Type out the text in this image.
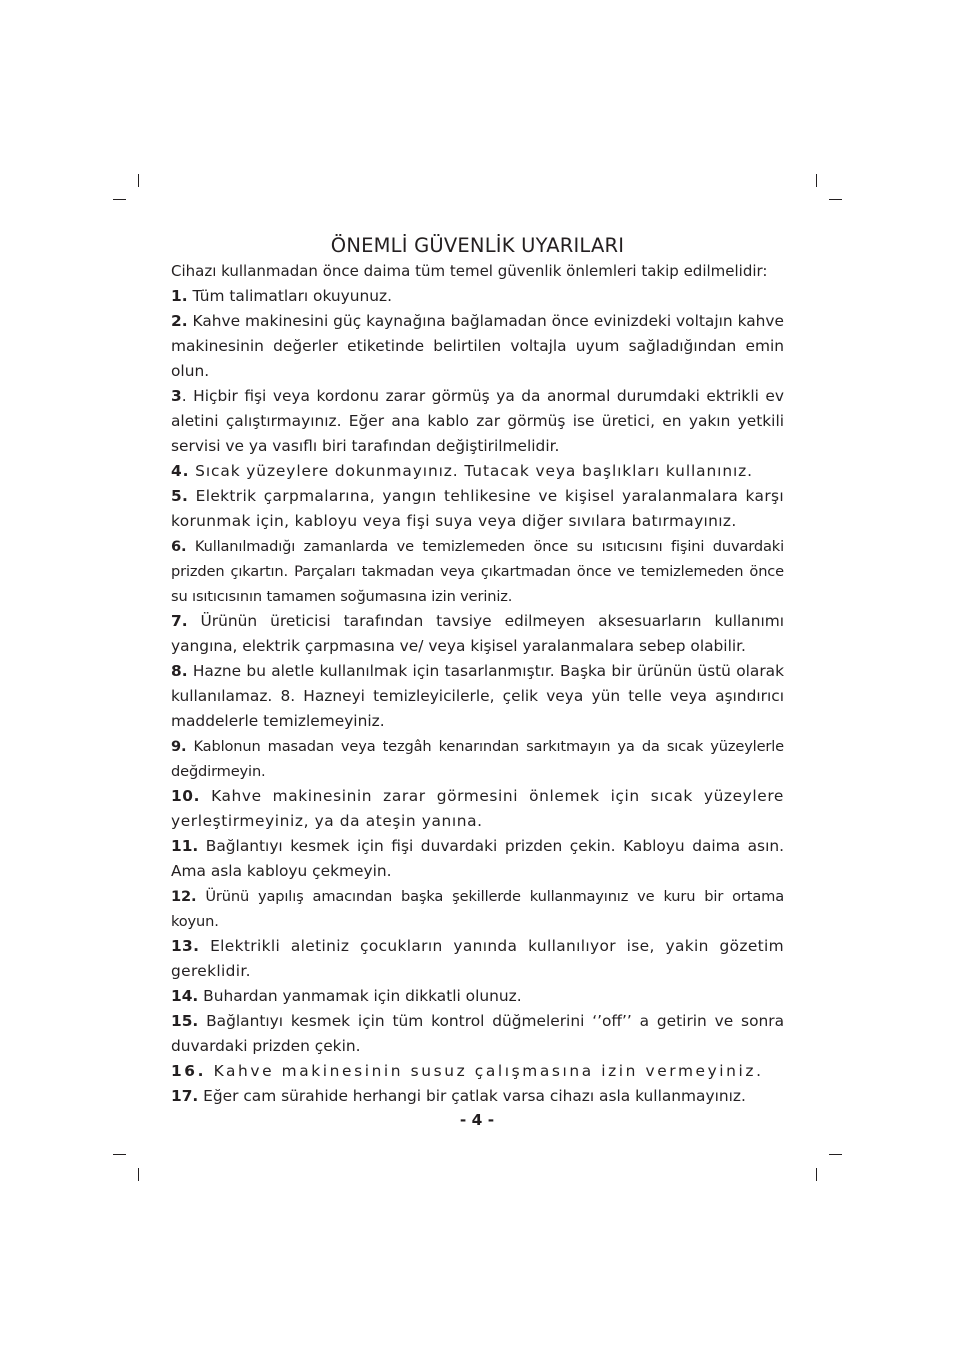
ÖNEMLİ GÜVENLİK UYARILARI

Cihazı kullanmadan önce daima tüm temel güvenlik önlemleri takip edilmelidir:

1. Tüm talimatları okuyunuz.

2. Kahve makinesini güç kaynağına bağlamadan önce evinizdeki voltajın kahve makinesinin değerler etiketinde belirtilen voltajla uyum sağladığından emin olun.

3. Hiçbir fişi veya kordonu zarar görmüş ya da anormal durumdaki ektrikli ev aletini çalıştırmayınız. Eğer ana kablo zar görmüş ise üretici, en yakın yetkili servisi ve ya vasıflı biri tarafından değiştirilmelidir.

4. Sıcak yüzeylere dokunmayınız. Tutacak veya başlıkları kullanınız.

5. Elektrik çarpmalarına, yangın tehlikesine ve kişisel yaralanmalara karşı korunmak için, kabloyu veya fişi suya veya diğer sıvılara batırmayınız.

6. Kullanılmadığı zamanlarda ve temizlemeden önce su ısıtıcısını fişini duvardaki prizden çıkartın. Parçaları takmadan veya çıkartmadan önce ve temizlemeden önce su ısıtıcısının tamamen soğumasına izin veriniz.

7. Ürünün üreticisi tarafından tavsiye edilmeyen aksesuarların kullanımı yangına, elektrik çarpmasına ve/ veya kişisel yaralanmalara sebep olabilir.

8. Hazne bu aletle kullanılmak için tasarlanmıştır. Başka bir ürünün üstü olarak kullanılamaz. 8. Hazneyi temizleyicilerle, çelik veya yün telle veya aşındırıcı maddelerle temizlemeyiniz.

9. Kablonun masadan veya tezgâh kenarından sarkıtmayın ya da sıcak yüzeylerle değdirmeyin.

10. Kahve makinesinin zarar görmesini önlemek için sıcak yüzeylere yerleştirmeyiniz, ya da ateşin yanına.

11. Bağlantıyı kesmek için fişi duvardaki prizden çekin. Kabloyu daima asın. Ama asla kabloyu çekmeyin.

12. Ürünü yapılış amacından başka şekillerde kullanmayınız ve kuru bir ortama koyun.

13. Elektrikli aletiniz çocukların yanında kullanılıyor ise, yakin gözetim gereklidir.

14. Buhardan yanmamak için dikkatli olunuz.

15. Bağlantıyı kesmek için tüm kontrol düğmelerini ‘’off’’ a getirin ve sonra duvardaki prizden çekin.

16. Kahve makinesinin susuz çalışmasına izin vermeyiniz.

17. Eğer cam sürahide herhangi bir çatlak varsa cihazı asla kullanmayınız.

- 4 -
